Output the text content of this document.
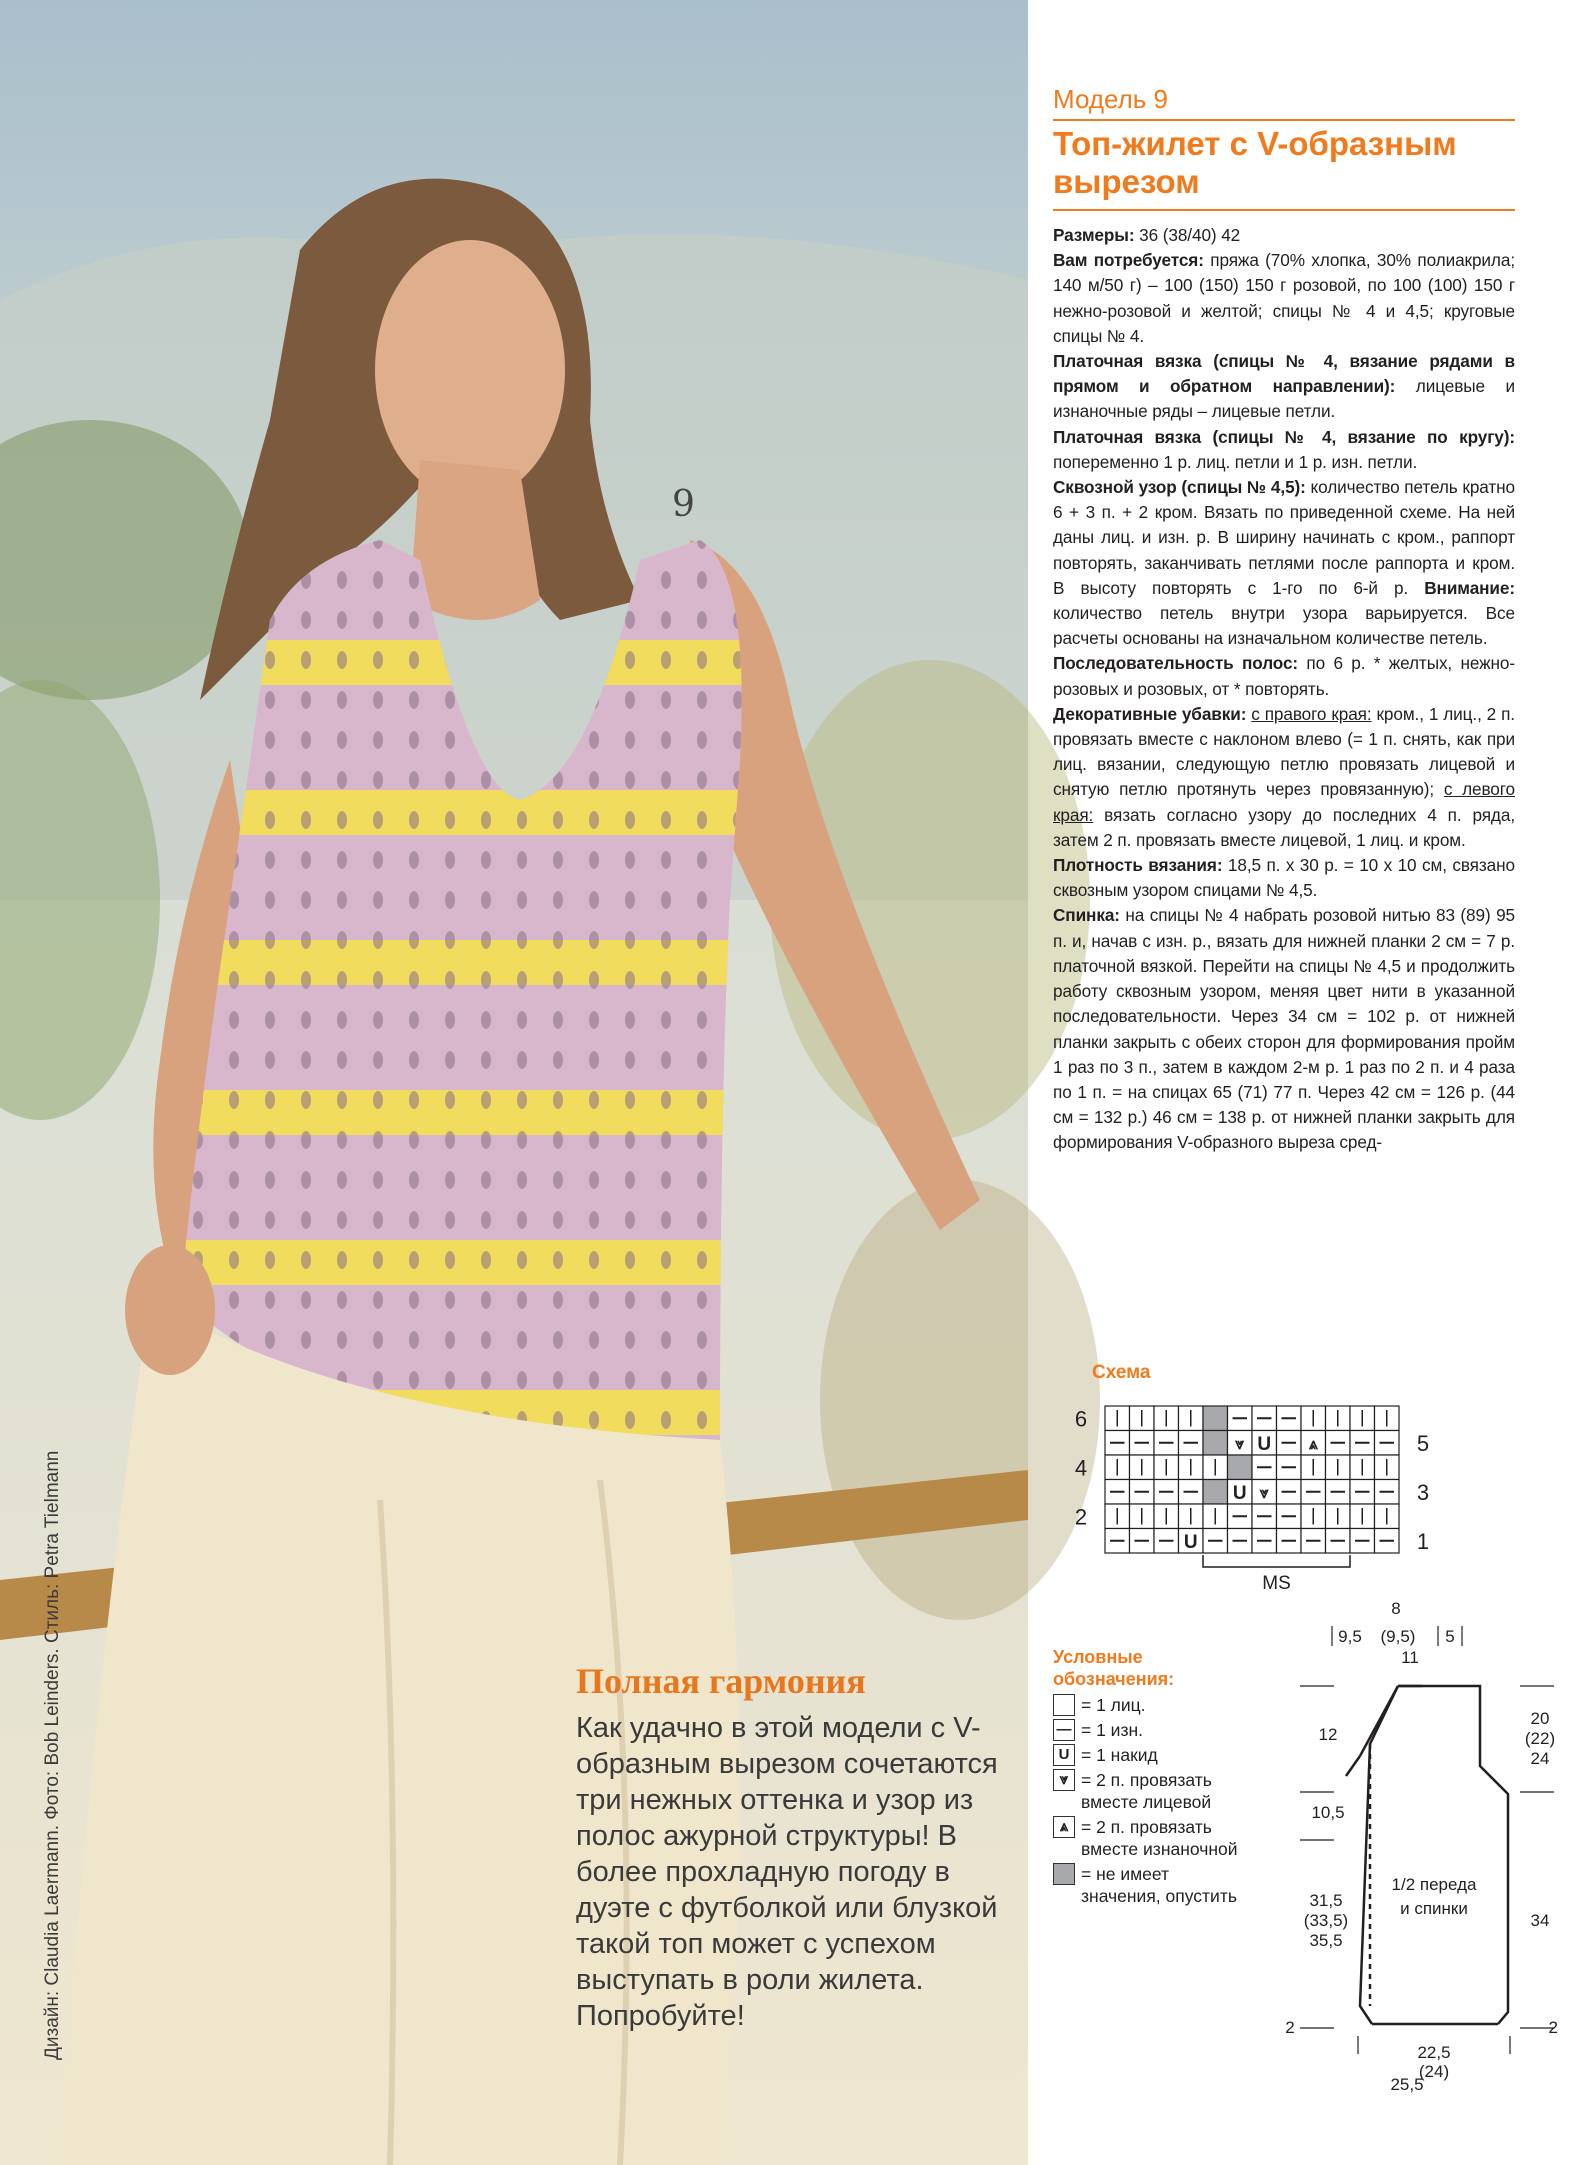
Дизайн: Claudia Laermann. Фото: Bob Leinders. Стиль: Petra Tielmann
9
Полная гармония

Как удачно в этой модели с V-образным вырезом сочетаются три нежных оттенка и узор из полос ажурной структуры! В более прохладную погоду в дуэте с футболкой или блузкой такой топ может с успехом выступать в роли жилета. Попробуйте!

Модель 9
Топ-жилет с V-образным вырезом
Размеры: 36 (38/40) 42
Вам потребуется: пряжа (70% хлопка, 30% полиакрила; 140 м/50 г) – 100 (150) 150 г розовой, по 100 (100) 150 г нежно-розовой и желтой; спицы № 4 и 4,5; круговые спицы № 4.
Платочная вязка (спицы № 4, вязание рядами в прямом и обратном направлении): лицевые и изнаночные ряды – лицевые петли.
Платочная вязка (спицы № 4, вязание по кругу): попеременно 1 р. лиц. петли и 1 р. изн. петли.
Сквозной узор (спицы № 4,5): количество петель кратно 6 + 3 п. + 2 кром. Вязать по приведенной схеме. На ней даны лиц. и изн. р. В ширину начинать с кром., раппорт повторять, заканчивать петлями после раппорта и кром. В высоту повторять с 1-го по 6-й р. Внимание: количество петель внутри узора варьируется. Все расчеты основаны на изначальном количестве петель.
Последовательность полос: по 6 р. * желтых, нежно-розовых и розовых, от * повторять.
Декоративные убавки: с правого края: кром., 1 лиц., 2 п. провязать вместе с наклоном влево (= 1 п. снять, как при лиц. вязании, следующую петлю провязать лицевой и снятую петлю протянуть через провязанную); с левого края: вязать согласно узору до последних 4 п. ряда, затем 2 п. провязать вместе лицевой, 1 лиц. и кром.
Плотность вязания: 18,5 п. х 30 р. = 10 х 10 см, связано сквозным узором спицами № 4,5.
Спинка: на спицы № 4 набрать розовой нитью 83 (89) 95 п. и, начав с изн. р., вязать для нижней планки 2 см = 7 р. платочной вязкой. Перейти на спицы № 4,5 и продолжить работу сквозным узором, меняя цвет нити в указанной последовательности. Через 34 см = 102 р. от нижней планки закрыть с обеих сторон для формирования пройм 1 раз по 3 п., затем в каждом 2-м р. 1 раз по 2 п. и 4 раза по 1 п. = на спицах 65 (71) 77 п. Через 42 см = 126 р. (44 см = 132 р.) 46 см = 138 р. от нижней планки закрыть для формирования V-образного выреза сред-
Схема
⩔ U ⩓
U ⩔
U
6
4
2
5
3
1
MS
Условные обозначения:
= 1 лиц.
— = 1 изн.
U = 1 накид
⩔ = 2 п. провязать вместе лицевой
⩓ = 2 п. провязать вместе изнаночной
= не имеет значения, опустить
8
9,5 (9,5) 5
11
12
10,5
31,5
(33,5)
35,5
2
20
(22)
24
34
2
1/2 переда
и спинки
22,5
(24)
25,5
